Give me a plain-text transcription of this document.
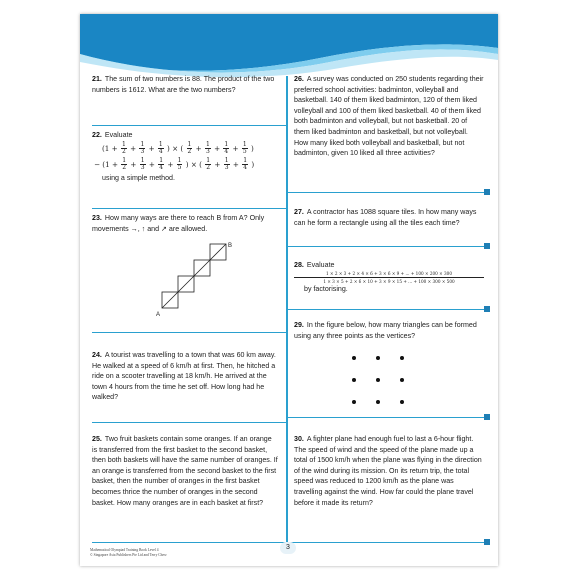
21. The sum of two numbers is 88. The product of the two numbers is 1612. What are the two numbers?
22. Evaluate
($1 + \frac{1}{2} + \frac{1}{3} + \frac{1}{4}$ ) × ( $\frac{1}{2} + \frac{1}{3} + \frac{1}{4} + \frac{1}{5}$ )
− ($1 + \frac{1}{2} + \frac{1}{3} + \frac{1}{4} + \frac{1}{5}$ ) × ( $\frac{1}{2} + \frac{1}{3} + \frac{1}{4}$ )
using a simple method.
23. How many ways are there to reach B from A? Only movements →, ↑ and ↗ are allowed.
A
B
24. A tourist was travelling to a town that was 60 km away. He walked at a speed of 6 km/h at first. Then, he hitched a ride on a scooter travelling at 18 km/h. He arrived at the town 4 hours from the time he set off. How long had he walked?
25. Two fruit baskets contain some oranges. If an orange is transferred from the first basket to the second basket, then both baskets will have the same number of oranges. If an orange is transferred from the second basket to the first basket, then the number of oranges in the first basket becomes thrice the number of oranges in the second basket. How many oranges are in each basket at first?
26. A survey was conducted on 250 students regarding their preferred school activities: badminton, volleyball and basketball. 140 of them liked badminton, 120 of them liked volleyball and 100 of them liked basketball. 40 of them liked both badminton and volleyball, but not basketball. 20 of them liked badminton and basketball, but not volleyball. How many liked both volleyball and basketball, but not badminton, given 10 liked all three activities?
27. A contractor has 1088 square tiles. In how many ways can he form a rectangle using all the tiles each time?
28. Evaluate
$\frac{1 \times 2 \times 3 + 2 \times 4 \times 6 + 3 \times 6 \times 9 + ... + 100 \times 200 \times 300}{1 \times 3 \times 5 + 2 \times 6 \times 10 + 3 \times 9 \times 15 + ... + 100 \times 300 \times 500}$
by factorising.
29. In the figure below, how many triangles can be formed using any three points as the vertices?
30. A fighter plane had enough fuel to last a 6-hour flight. The speed of wind and the speed of the plane made up a total of 1500 km/h when the plane was flying in the direction of the wind during its mission. On its return trip, the total speed was reduced to 1200 km/h as the plane was travelling against the wind. How far could the plane travel before it made its return?
Mathematical Olympiad Training Book Level 4
© Singapore Asia Publishers Pte Ltd and Terry Chew
3
